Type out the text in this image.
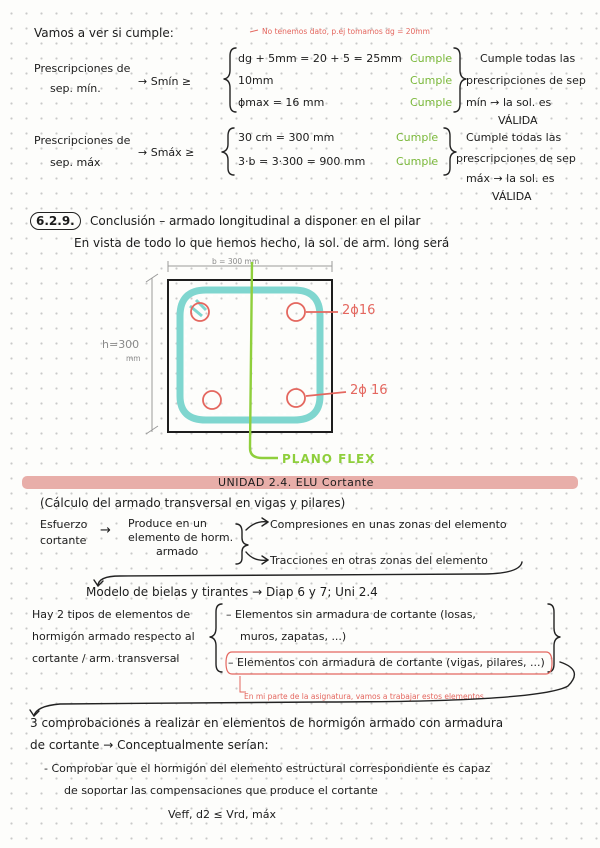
Vamos a ver si cumple:	No tenemos dato, p.ej tomamos dg = 20mm
Prescripciones de
sep. mín.
→ Smín ≥
dg + 5mm = 20 + 5 = 25mm
10mm
ϕmax = 16 mm
Cumple
Cumple
Cumple
Cumple todas las
prescripciones de sep
mín → la sol. es
VÁLIDA
Prescripciones de
sep. máx
→ Smáx ≥
30 cm = 300 mm
3·b = 3·300 = 900 mm
Cumple
Cumple
Cumple todas las
prescripciones de sep
máx → la sol. es
VÁLIDA
6.2.9.	Conclusión – armado longitudinal a disponer en el pilar
En vista de todo lo que hemos hecho, la sol. de arm. long será
b = 300 mm
h=300
mm
2ϕ16
2ϕ 16
PLANO FLEX
UNIDAD 2.4. ELU Cortante
(Cálculo del armado transversal en vigas y pilares)
Esfuerzo
cortante
→ Produce en un
elemento de horm.
armado
Compresiones en unas zonas del elemento
Tracciones en otras zonas del elemento
Modelo de bielas y tirantes → Diap 6 y 7; Uni 2.4
Hay 2 tipos de elementos de
hormigón armado respecto al
cortante / arm. transversal
– Elementos sin armadura de cortante (losas,
muros, zapatas, ...)
– Elementos con armadura de cortante (vigas, pilares, ...)
En mi parte de la asignatura, vamos a trabajar estos elementos
3 comprobaciones a realizar en elementos de hormigón armado con armadura
de cortante → Conceptualmente serían:
- Comprobar que el hormigón del elemento estructural correspondiente es capaz
de soportar las compensaciones que produce el cortante
Veff, d2 ≤ Vrd, máx
